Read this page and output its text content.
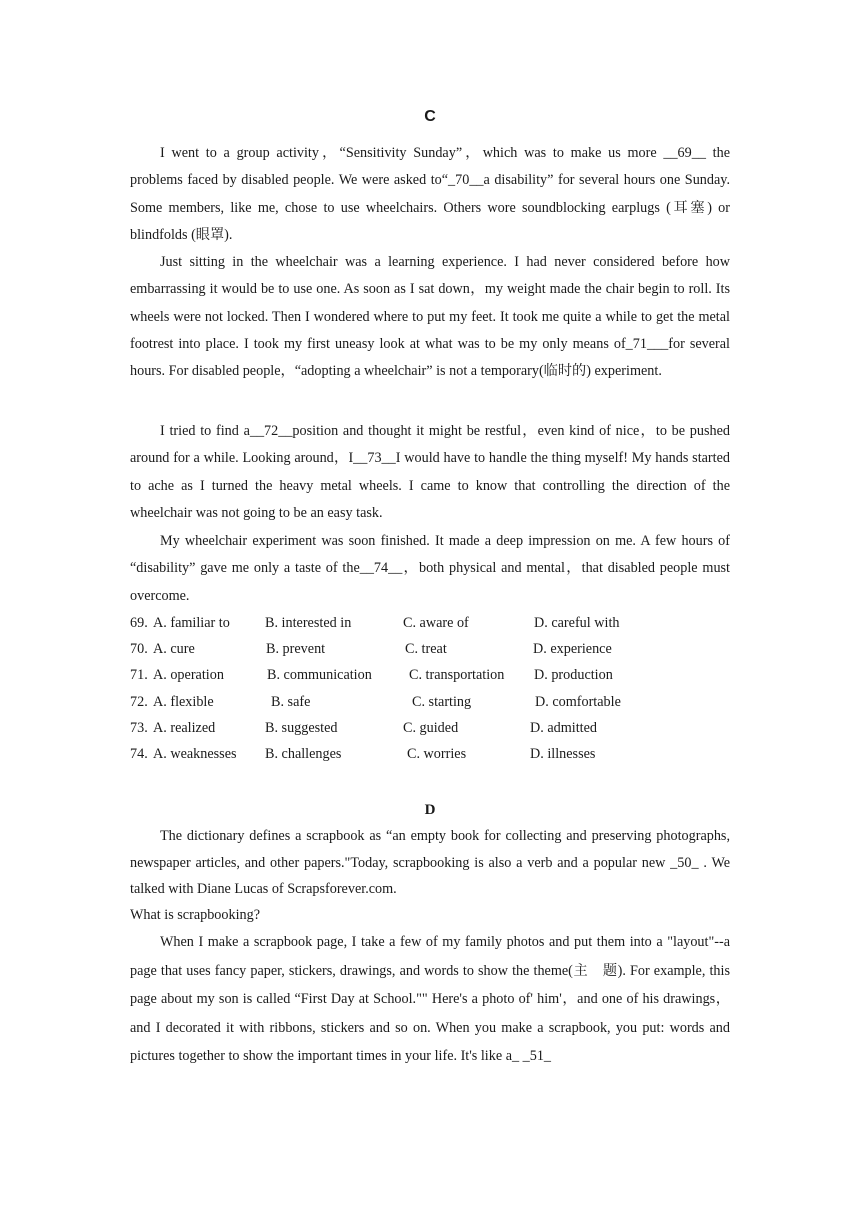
C

I went to a group activity，“Sensitivity Sunday”，which was to make us more __69__ the problems faced by disabled people. We were asked to“_70__a disability” for several hours one Sunday. Some members, like me, chose to use wheelchairs. Others wore soundblocking earplugs (耳塞) or blindfolds (眼罩).

Just sitting in the wheelchair was a learning experience. I had never considered before how embarrassing it would be to use one. As soon as I sat down，my weight made the chair begin to roll. Its wheels were not locked. Then I wondered where to put my feet. It took me quite a while to get the metal footrest into place. I took my first uneasy look at what was to be my only means of_71___for several hours. For disabled people，“adopting a wheelchair” is not a temporary(临时的) experiment.

I tried to find a__72__position and thought it might be restful，even kind of nice，to be pushed around for a while. Looking around，I__73__I would have to handle the thing myself! My hands started to ache as I turned the heavy metal wheels. I came to know that controlling the direction of the wheelchair was not going to be an easy task.

My wheelchair experiment was soon finished. It made a deep impression on me. A few hours of “disability” gave me only a taste of the__74__，both physical and mental，that disabled people must overcome.

69. A. familiar to B. interested in	C. aware of	D. careful with
70. A. cure	B. prevent	C. treat	D. experience
71. A. operation	B. communication	C. transportation D. production
72. A. flexible	B. safe	C. starting	D. comfortable
73. A. realized	B. suggested	C. guided	D. admitted
74. A. weaknesses B. challenges	C. worries	D. illnesses
D

The dictionary defines a scrapbook as “an empty book for collecting and preserving photographs, newspaper articles, and other papers."Today, scrapbooking is also a verb and a popular new _50_ . We talked with Diane Lucas of Scrapsforever.com.

What is scrapbooking?

When I make a scrapbook page, I take a few of my family photos and put them into a "layout"--a page that uses fancy paper, stickers, drawings, and words to show the theme(主　题). For example, this page about my son is called “First Day at School."" Here's a photo of' him'，and one of his drawings，and I decorated it with ribbons, stickers and so on. When you make a scrapbook, you put: words and pictures together to show the important times in your life. It's like a_ _51_
